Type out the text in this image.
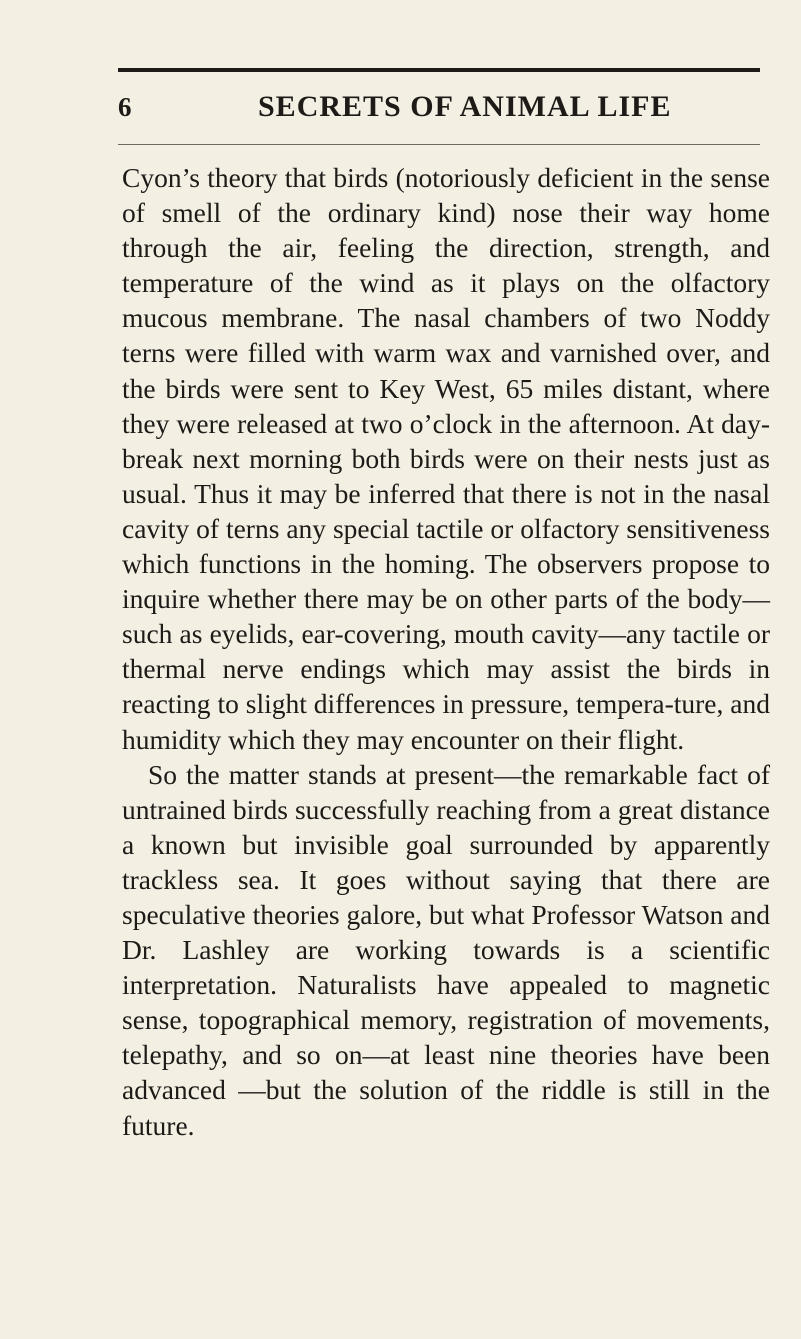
6	SECRETS OF ANIMAL LIFE

Cyon’s theory that birds (notoriously deficient in the sense of smell of the ordinary kind) nose their way home through the air, feeling the direction, strength, and temperature of the wind as it plays on the olfactory mucous membrane. The nasal chambers of two Noddy terns were filled with warm wax and varnished over, and the birds were sent to Key West, 65 miles distant, where they were released at two o’clock in the afternoon. At day-break next morning both birds were on their nests just as usual. Thus it may be inferred that there is not in the nasal cavity of terns any special tactile or olfactory sensitiveness which functions in the homing. The observers propose to inquire whether there may be on other parts of the body—such as eyelids, ear-covering, mouth cavity—any tactile or thermal nerve endings which may assist the birds in reacting to slight differences in pressure, tempera-ture, and humidity which they may encounter on their flight.

So the matter stands at present—the remarkable fact of untrained birds successfully reaching from a great distance a known but invisible goal surrounded by apparently trackless sea. It goes without saying that there are speculative theories galore, but what Professor Watson and Dr. Lashley are working towards is a scientific interpretation. Naturalists have appealed to magnetic sense, topographical memory, registration of movements, telepathy, and so on—at least nine theories have been advanced —but the solution of the riddle is still in the future.
